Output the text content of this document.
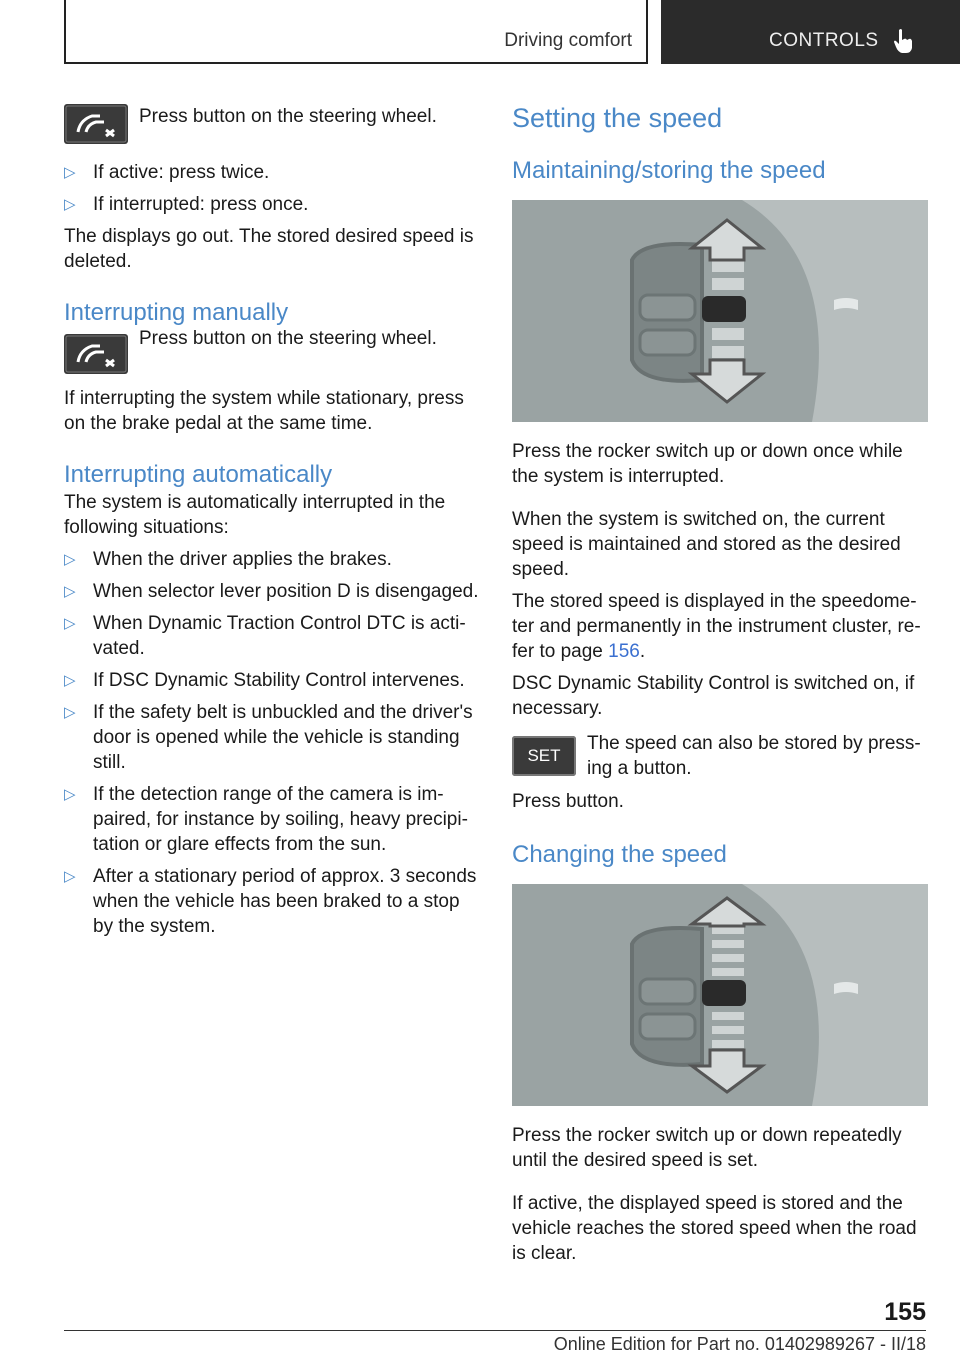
Driving comfort	CONTROLS

Press button on the steering wheel.

▷ If active: press twice.

▷ If interrupted: press once.

The displays go out. The stored desired speed is deleted.

Interrupting manually

Press button on the steering wheel.

If interrupting the system while stationary, press on the brake pedal at the same time.

Interrupting automatically

The system is automatically interrupted in the following situations:

▷ When the driver applies the brakes.

▷ When selector lever position D is disengaged.

▷ When Dynamic Traction Control DTC is acti‐vated.

▷ If DSC Dynamic Stability Control intervenes.

▷ If the safety belt is unbuckled and the driver's door is opened while the vehicle is standing still.

▷ If the detection range of the camera is im‐paired, for instance by soiling, heavy precipi‐tation or glare effects from the sun.

▷ After a stationary period of approx. 3 seconds when the vehicle has been braked to a stop by the system.

Setting the speed

Maintaining/storing the speed

Press the rocker switch up or down once while the system is interrupted.

When the system is switched on, the current speed is maintained and stored as the desired speed.

The stored speed is displayed in the speedome‐ter and permanently in the instrument cluster, re‐fer to page 156.

DSC Dynamic Stability Control is switched on, if necessary.

SET

The speed can also be stored by press‐ing a button.

Press button.

Changing the speed

Press the rocker switch up or down repeatedly until the desired speed is set.

If active, the displayed speed is stored and the vehicle reaches the stored speed when the road is clear.

155
Online Edition for Part no. 01402989267 - II/18
